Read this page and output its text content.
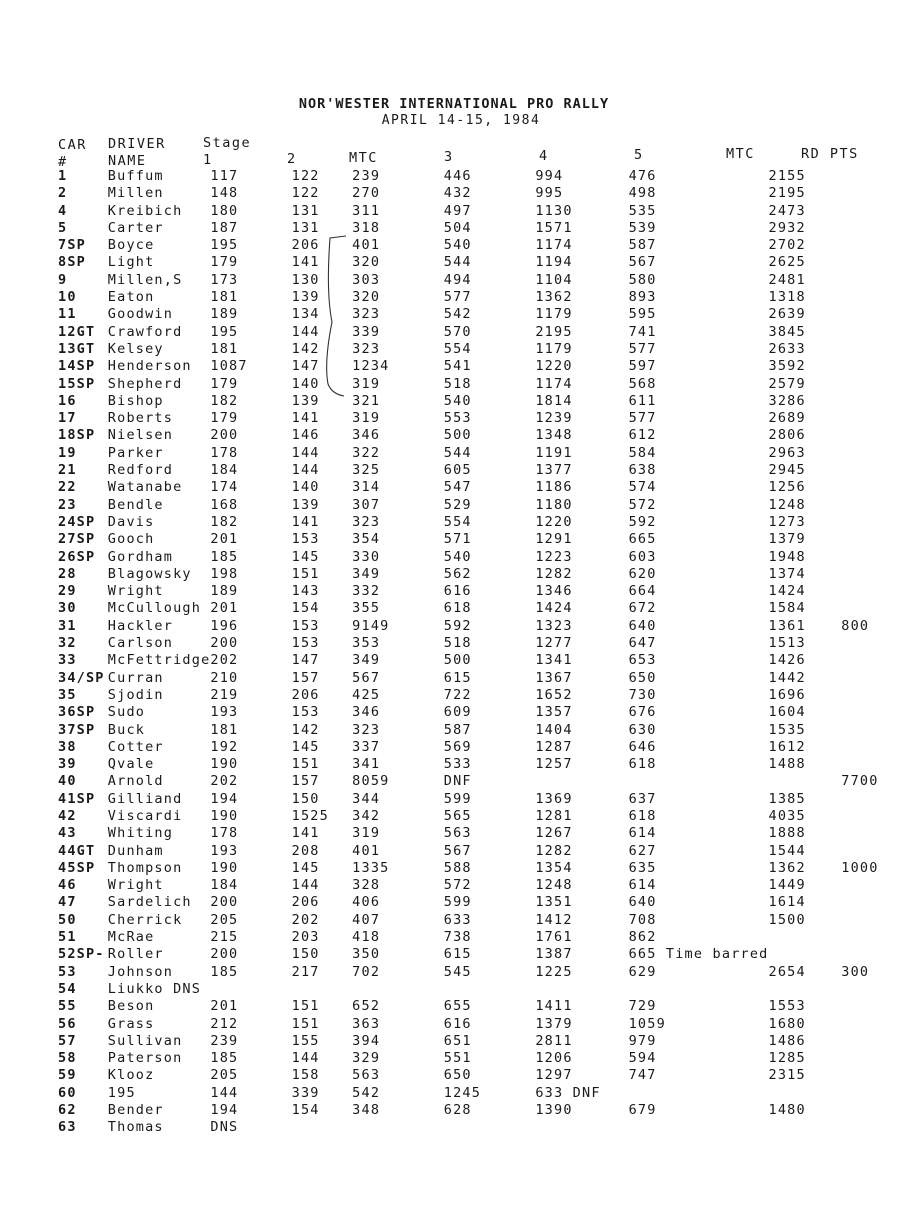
NOR'WESTER INTERNATIONAL PRO RALLY
APRIL 14-15, 1984
CAR
#
DRIVER
NAME
Stage
1	2	MTC	3	4	5	MTC	RD PTS
1	Buffum	117	122	239	446	994	476	2155	
2	Millen	148	122	270	432	995	498	2195	
4	Kreibich	180	131	311	497	1130	535	2473	
5	Carter	187	131	318	504	1571	539	2932	
7SP	Boyce	195	206	401	540	1174	587	2702	
8SP	Light	179	141	320	544	1194	567	2625	
9	Millen,S	173	130	303	494	1104	580	2481	
10	Eaton	181	139	320	577	1362	893	1318	
11	Goodwin	189	134	323	542	1179	595	2639	
12GT	Crawford	195	144	339	570	2195	741	3845	
13GT	Kelsey	181	142	323	554	1179	577	2633	
14SP	Henderson	1087	147	1234	541	1220	597	3592	
15SP	Shepherd	179	140	319	518	1174	568	2579	
16	Bishop	182	139	321	540	1814	611	3286	
17	Roberts	179	141	319	553	1239	577	2689	
18SP	Nielsen	200	146	346	500	1348	612	2806	
19	Parker	178	144	322	544	1191	584	2963	
21	Redford	184	144	325	605	1377	638	2945	
22	Watanabe	174	140	314	547	1186	574	1256	
23	Bendle	168	139	307	529	1180	572	1248	
24SP	Davis	182	141	323	554	1220	592	1273	
27SP	Gooch	201	153	354	571	1291	665	1379	
26SP	Gordham	185	145	330	540	1223	603	1948	
28	Blagowsky	198	151	349	562	1282	620	1374	
29	Wright	189	143	332	616	1346	664	1424	
30	McCullough	201	154	355	618	1424	672	1584	
31	Hackler	196	153	9149	592	1323	640	1361	800
32	Carlson	200	153	353	518	1277	647	1513	
33	McFettridge	202	147	349	500	1341	653	1426	
34/SP	Curran	210	157	567	615	1367	650	1442	
35	Sjodin	219	206	425	722	1652	730	1696	
36SP	Sudo	193	153	346	609	1357	676	1604	
37SP	Buck	181	142	323	587	1404	630	1535	
38	Cotter	192	145	337	569	1287	646	1612	
39	Qvale	190	151	341	533	1257	618	1488	
40	Arnold	202	157	8059	DNF				7700
41SP	Gilliand	194	150	344	599	1369	637	1385	
42	Viscardi	190	1525	342	565	1281	618	4035	
43	Whiting	178	141	319	563	1267	614	1888	
44GT	Dunham	193	208	401	567	1282	627	1544	
45SP	Thompson	190	145	1335	588	1354	635	1362	1000
46	Wright	184	144	328	572	1248	614	1449	
47	Sardelich	200	206	406	599	1351	640	1614	
50	Cherrick	205	202	407	633	1412	708	1500	
51	McRae	215	203	418	738	1761	862		
52SP-	Roller	200	150	350	615	1387	665 Time barred		
53	Johnson	185	217	702	545	1225	629	2654	300
54	Liukko DNS								
55	Beson	201	151	652	655	1411	729	1553	
56	Grass	212	151	363	616	1379	1059	1680	
57	Sullivan	239	155	394	651	2811	979	1486	
58	Paterson	185	144	329	551	1206	594	1285	
59	Klooz	205	158	563	650	1297	747	2315	
60	195	144	339	542	1245	633 DNF			
62	Bender	194	154	348	628	1390	679	1480	
63	Thomas	DNS							
